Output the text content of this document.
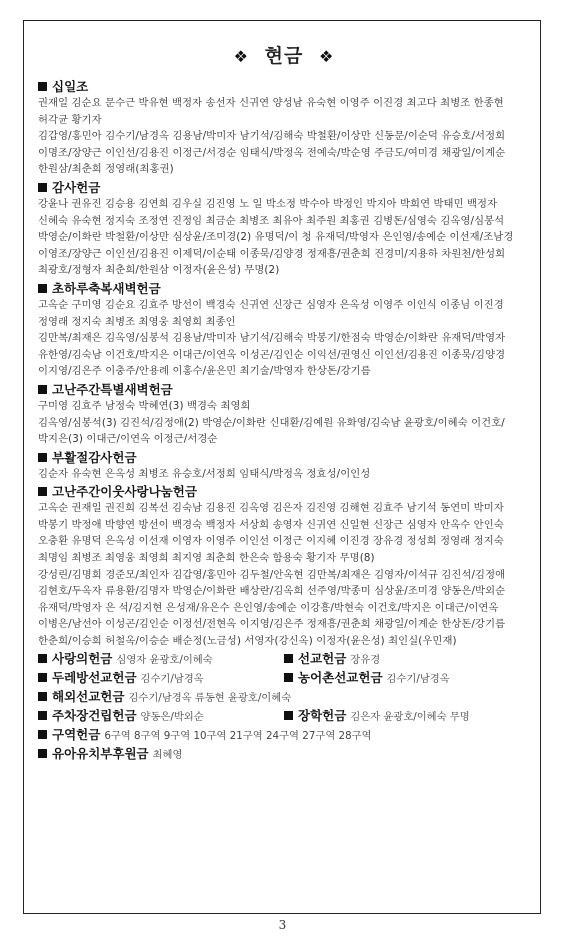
❖ 현금 ❖
십일조
권재일 김순요 문수근 박유현 백정자 송선자 신귀연 양성남 유숙현 이영주 이진경 최고다 최병조 한종현 허각균 황기자
김갑영/홍민아 김수기/남경옥 김용남/박미자 남기석/김해숙 박철환/이상만 신동문/이순덕 유승호/서정희 이명조/장양근 이인선/김용진 이정근/서경순 임태식/박정옥 전예숙/박순영 주금도/여미경 채광일/이계순 한원삼/최춘희 정영래(최홍권)
감사헌금
강윤나 권유진 김승용 김연희 김우실 김진영 노 일 박소정 박수아 박정인 박지아 박희연 박태민 백정자 신혜숙 유숙현 정지숙 조정연 진정임 최금순 최병조 최유아 최주원 최홍권 김병돈/심영숙 김옥영/심봉석 박영순/이화란 박철환/이상만 심상윤/조미경(2) 유명덕/이 청 유재덕/박영자 은인영/송예순 이선재/조남경 이영조/장양근 이인선/김용진 이제덕/이순태 이종묵/김양경 정재흥/권춘희 진경미/지용하 차원천/한성희 최광호/정형자 최춘희/한원삼 이정자(윤은성) 무명(2)
초하루축복새벽헌금
고옥순 구미영 김순요 김효주 방선이 백경숙 신귀연 신장근 심영자 은옥성 이영주 이인식 이종님 이진경 정영래 정지숙 최병조 최영웅 최영희 최종인
김만복/최재은 김옥영/심봉석 김용남/박미자 남기석/김해숙 박봉기/한점숙 박영순/이화란 유재덕/박영자 유한영/김숙남 이건호/박지은 이대근/이연옥 이성곤/김인순 이익선/권영신 이인선/김용진 이종묵/김양경 이지영/김은주 이충주/안용례 이홍수/윤은민 최기술/박영자 한상돈/강기름
고난주간특별새벽헌금
구미영 김효주 남정숙 박혜연(3) 백경숙 최영희
김옥영/심봉석(3) 김진석/김정애(2) 박영순/이화란 신대환/김예원 유화영/김숙남 윤광호/이혜숙 이건호/박지은(3) 이대근/이연옥 이정근/서경순
부활절감사헌금
김순자 유숙현 은옥성 최병조 유승호/서정희 임태식/박정옥 정효성/이인성
고난주간이웃사랑나눔헌금
고옥순 권재일 권진희 김복선 김숙남 김용진 김옥영 김은자 김진영 김해현 김효주 남기석 동연미 박미자 박봉기 박정애 박향연 방선이 백경숙 백정자 서상희 송영자 신귀연 신일현 신장근 심영자 안옥수 안인숙 오충환 유명덕 은옥성 이선재 이영자 이영주 이인선 이정근 이지혜 이진경 장유경 정성희 정영래 정지숙 최명임 최병조 최영웅 최영희 최지영 최춘희 한은숙 함용숙 황기자 무명(8)
강성린/김명희 경준모/최인자 김갑영/홍민아 김두철/안옥현 김만복/최재은 김영자/이석규 김진석/김정애 김현호/두옥자 류용환/김명자 박영순/이화란 배상란/김옥희 선주영/박종미 심상윤/조미경 양동은/박외순 유재덕/박영자 은 석/김지현 은성재/유은수 은인영/송예순 이강흥/박현숙 이건호/박지은 이대근/이연옥 이병은/남선아 이성곤/김인순 이정선/전현옥 이지영/김은주 정재흥/권춘희 채광일/이계순 한상돈/강기름 한춘희/이승희 허철옥/이승순 배순정(노금성) 서영자(강신옥) 이정자(윤은성) 최인실(우민재)
사랑의헌금 심영자 윤광호/이혜숙	선교헌금 장유경
두레방선교헌금 김수기/남경옥	농어촌선교헌금 김수기/남경옥
해외선교헌금 김수기/남경옥 류동현 윤광호/이혜숙
주차장건립헌금 양동은/박외순	장학헌금 김은자 윤광호/이혜숙 무명
구역헌금 6구역 8구역 9구역 10구역 21구역 24구역 27구역 28구역
유아유치부후원금 최혜영
3
